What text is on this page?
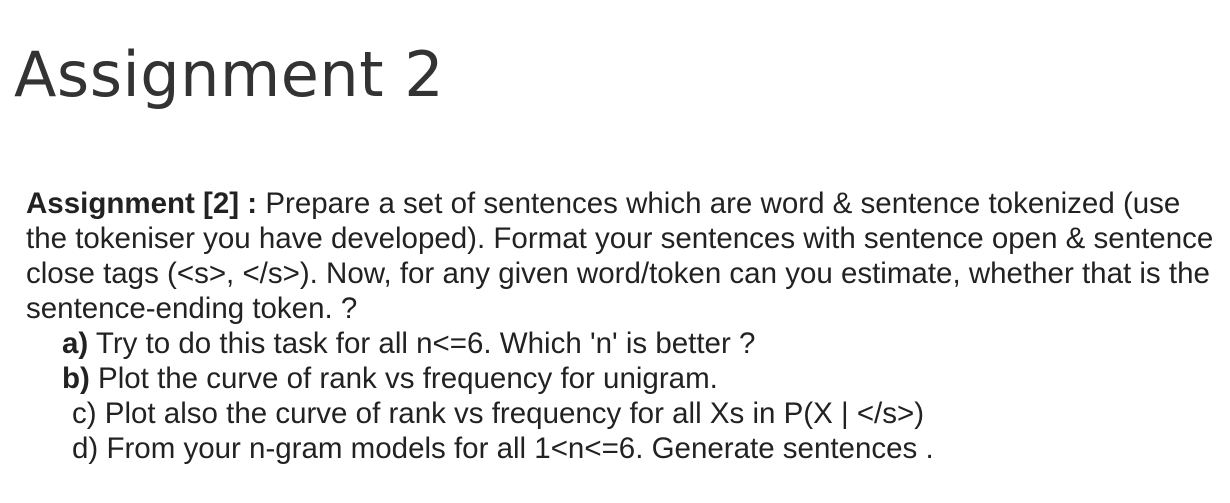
Assignment 2

Assignment [2] : Prepare a set of sentences which are word & sentence tokenized (use the tokeniser you have developed). Format your sentences with sentence open & sentence close tags (<s>, </s>). Now, for any given word/token can you estimate, whether that is the sentence-ending token. ?

a) Try to do this task for all n<=6. Which 'n' is better ?
b) Plot the curve of rank vs frequency for unigram.
c) Plot also the curve of rank vs frequency for all Xs in P(X | </s>)
d) From your n-gram models for all 1<n<=6. Generate sentences .
